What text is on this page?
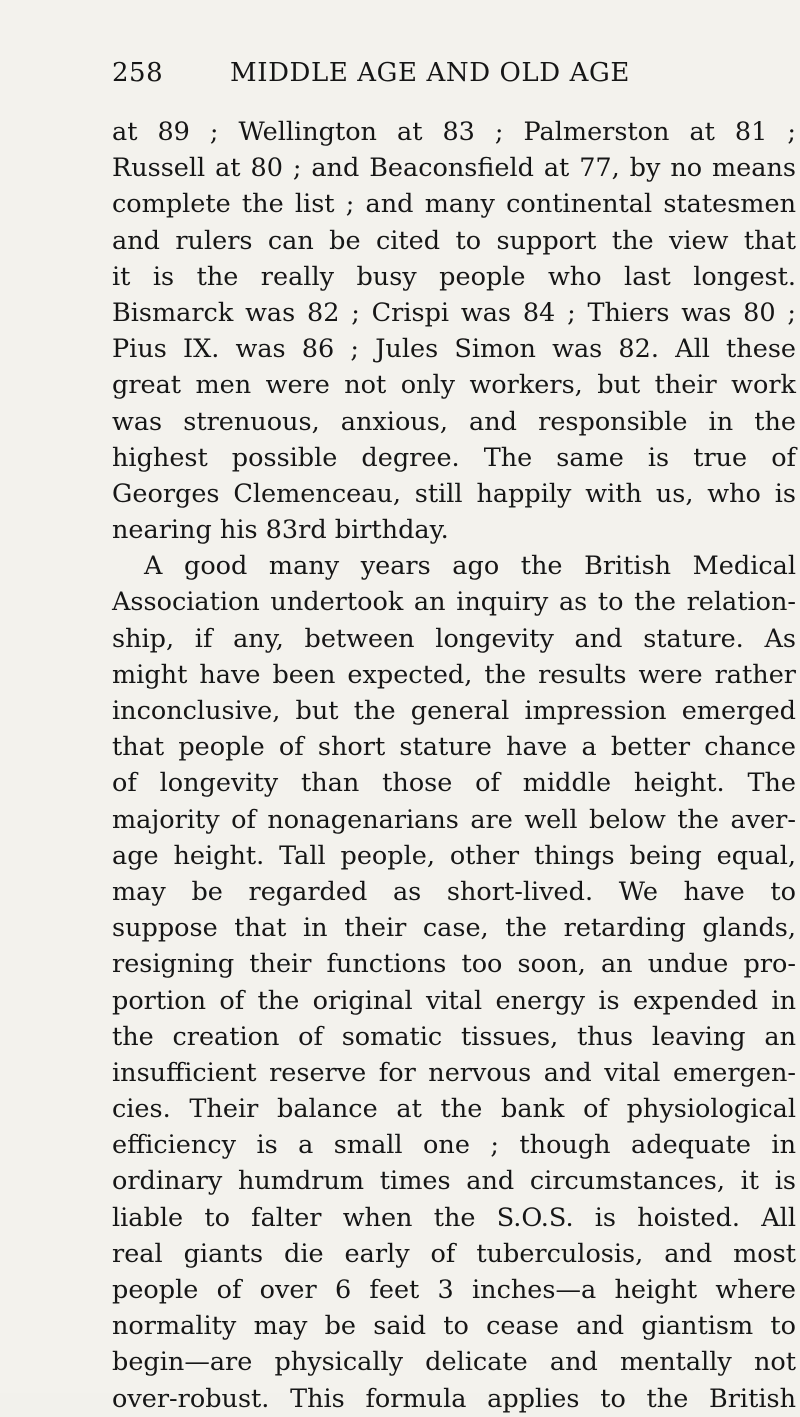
258	MIDDLE AGE AND OLD AGE
at 89 ; Wellington at 83 ; Palmerston at 81 ;
Russell at 80 ; and Beaconsfield at 77, by no means
complete the list ; and many continental statesmen
and rulers can be cited to support the view that
it is the really busy people who last longest.
Bismarck was 82 ; Crispi was 84 ; Thiers was 80 ;
Pius IX. was 86 ; Jules Simon was 82. All these
great men were not only workers, but their work
was strenuous, anxious, and responsible in the
highest possible degree. The same is true of
Georges Clemenceau, still happily with us, who is
nearing his 83rd birthday.
A good many years ago the British Medical
Association undertook an inquiry as to the relation-
ship, if any, between longevity and stature. As
might have been expected, the results were rather
inconclusive, but the general impression emerged
that people of short stature have a better chance
of longevity than those of middle height. The
majority of nonagenarians are well below the aver-
age height. Tall people, other things being equal,
may be regarded as short-lived. We have to
suppose that in their case, the retarding glands,
resigning their functions too soon, an undue pro-
portion of the original vital energy is expended in
the creation of somatic tissues, thus leaving an
insufficient reserve for nervous and vital emergen-
cies. Their balance at the bank of physiological
efficiency is a small one ; though adequate in
ordinary humdrum times and circumstances, it is
liable to falter when the S.O.S. is hoisted. All
real giants die early of tuberculosis, and most
people of over 6 feet 3 inches—a height where
normality may be said to cease and giantism to
begin—are physically delicate and mentally not
over-robust. This formula applies to the British
